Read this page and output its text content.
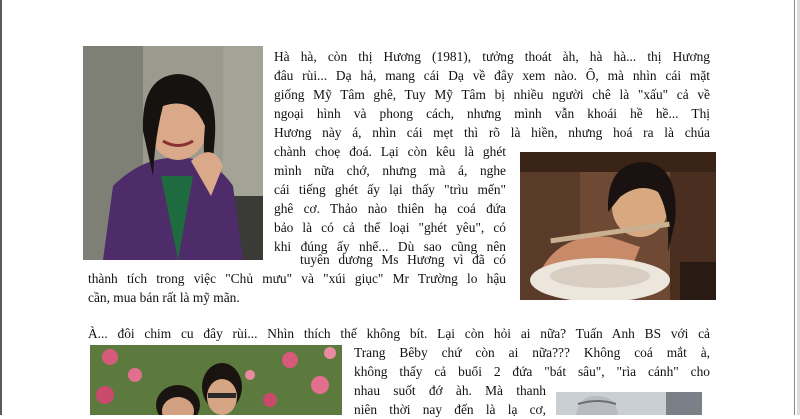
Hà hà, còn thị Hương (1981), tưởng thoát àh, hà hà... thị Hương
đâu rùi... Dạ hả, mang cái Dạ về đây xem nào. Ô, mà nhìn cái mặt
giống Mỹ Tâm ghê, Tuy Mỹ Tâm bị nhiều người chê là "xấu" cả về
ngoại hình và phong cách, nhưng mình vẫn khoái hề hề... Thị
Hương này á, nhìn cái mẹt thì rõ là hiền, nhưng hoá ra là chúa
chành choẹ đoá. Lại còn kêu là ghét
mình nữa chớ, nhưng mà á, nghe
cái tiếng ghét ấy lại thấy "trìu mến"
ghê cơ. Thảo nào thiên hạ coá đứa
bảo là có cả thể loại "ghét yêu", có
khi đúng ấy nhể... Dù sao cũng nên
tuyên dương Ms Hương vì đã có
thành tích trong việc "Chủ mưu" và "xúi giục" Mr Trường lo hậu
cần, mua bán rất là mỹ mãn.
À... đôi chim cu đây rùi... Nhìn thích thế không bít. Lại còn hỏi ai nữa? Tuấn Anh BS với cả
Trang Bêby chứ còn ai nữa??? Không coá mắt à,
không thấy cả buổi 2 đứa "bát sâu", "rìa cánh" cho
nhau suốt đớ àh. Mà thanh
niên thời nay đến là lạ cơ,
